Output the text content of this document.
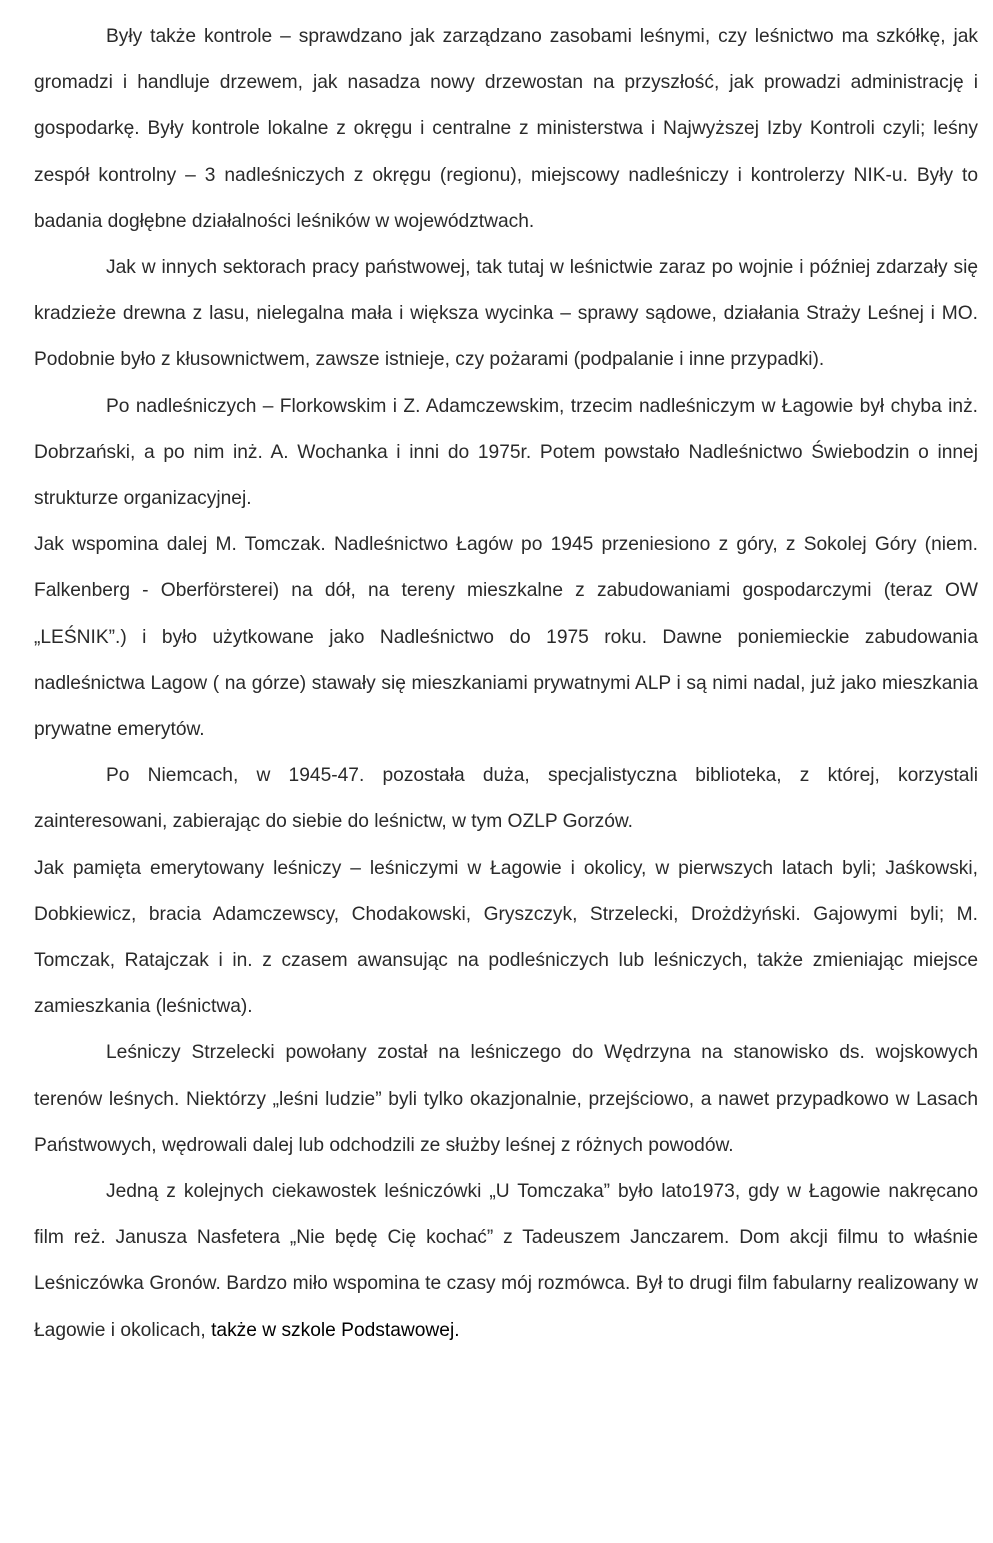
Były także kontrole – sprawdzano jak zarządzano zasobami leśnymi, czy leśnictwo ma szkółkę, jak gromadzi i handluje drzewem, jak nasadza nowy drzewostan na przyszłość, jak prowadzi administrację i gospodarkę. Były kontrole lokalne z okręgu i centralne z ministerstwa i Najwyższej Izby Kontroli czyli; leśny zespół kontrolny – 3 nadleśniczych z okręgu (regionu), miejscowy nadleśniczy i kontrolerzy NIK-u. Były to badania dogłębne działalności leśników w województwach.

Jak w innych sektorach pracy państwowej, tak tutaj w leśnictwie zaraz po wojnie i później zdarzały się kradzieże drewna z lasu, nielegalna mała i większa wycinka – sprawy sądowe, działania Straży Leśnej i MO. Podobnie było z kłusownictwem, zawsze istnieje, czy pożarami (podpalanie i inne przypadki).

Po nadleśniczych – Florkowskim i Z. Adamczewskim, trzecim nadleśniczym w Łagowie był chyba inż. Dobrzański, a po nim inż. A. Wochanka i inni do 1975r. Potem powstało Nadleśnictwo Świebodzin o innej strukturze organizacyjnej.

Jak wspomina dalej M. Tomczak. Nadleśnictwo Łagów po 1945 przeniesiono z góry, z Sokolej Góry (niem. Falkenberg - Oberförsterei) na dół, na tereny mieszkalne z zabudowaniami gospodarczymi (teraz OW „LEŚNIK”.) i było użytkowane jako Nadleśnictwo do 1975 roku. Dawne poniemieckie zabudowania nadleśnictwa Lagow ( na górze) stawały się mieszkaniami prywatnymi ALP i są nimi nadal, już jako mieszkania prywatne emerytów.

Po Niemcach, w 1945-47. pozostała duża, specjalistyczna biblioteka, z której, korzystali zainteresowani, zabierając do siebie do leśnictw, w tym OZLP Gorzów.

Jak pamięta emerytowany leśniczy – leśniczymi w Łagowie i okolicy, w pierwszych latach byli; Jaśkowski, Dobkiewicz, bracia Adamczewscy, Chodakowski, Gryszczyk, Strzelecki, Drożdżyński. Gajowymi byli; M. Tomczak, Ratajczak i in. z czasem awansując na podleśniczych lub leśniczych, także zmieniając miejsce zamieszkania (leśnictwa).

Leśniczy Strzelecki powołany został na leśniczego do Wędrzyna na stanowisko ds. wojskowych terenów leśnych. Niektórzy „leśni ludzie” byli tylko okazjonalnie, przejściowo, a nawet przypadkowo w Lasach Państwowych, wędrowali dalej lub odchodzili ze służby leśnej z różnych powodów.

Jedną z kolejnych ciekawostek leśniczówki „U Tomczaka” było lato1973, gdy w Łagowie nakręcano film reż. Janusza Nasfetera „Nie będę Cię kochać” z Tadeuszem Janczarem. Dom akcji filmu to właśnie Leśniczówka Gronów. Bardzo miło wspomina te czasy mój rozmówca. Był to drugi film fabularny realizowany w Łagowie i okolicach, także w szkole Podstawowej.
